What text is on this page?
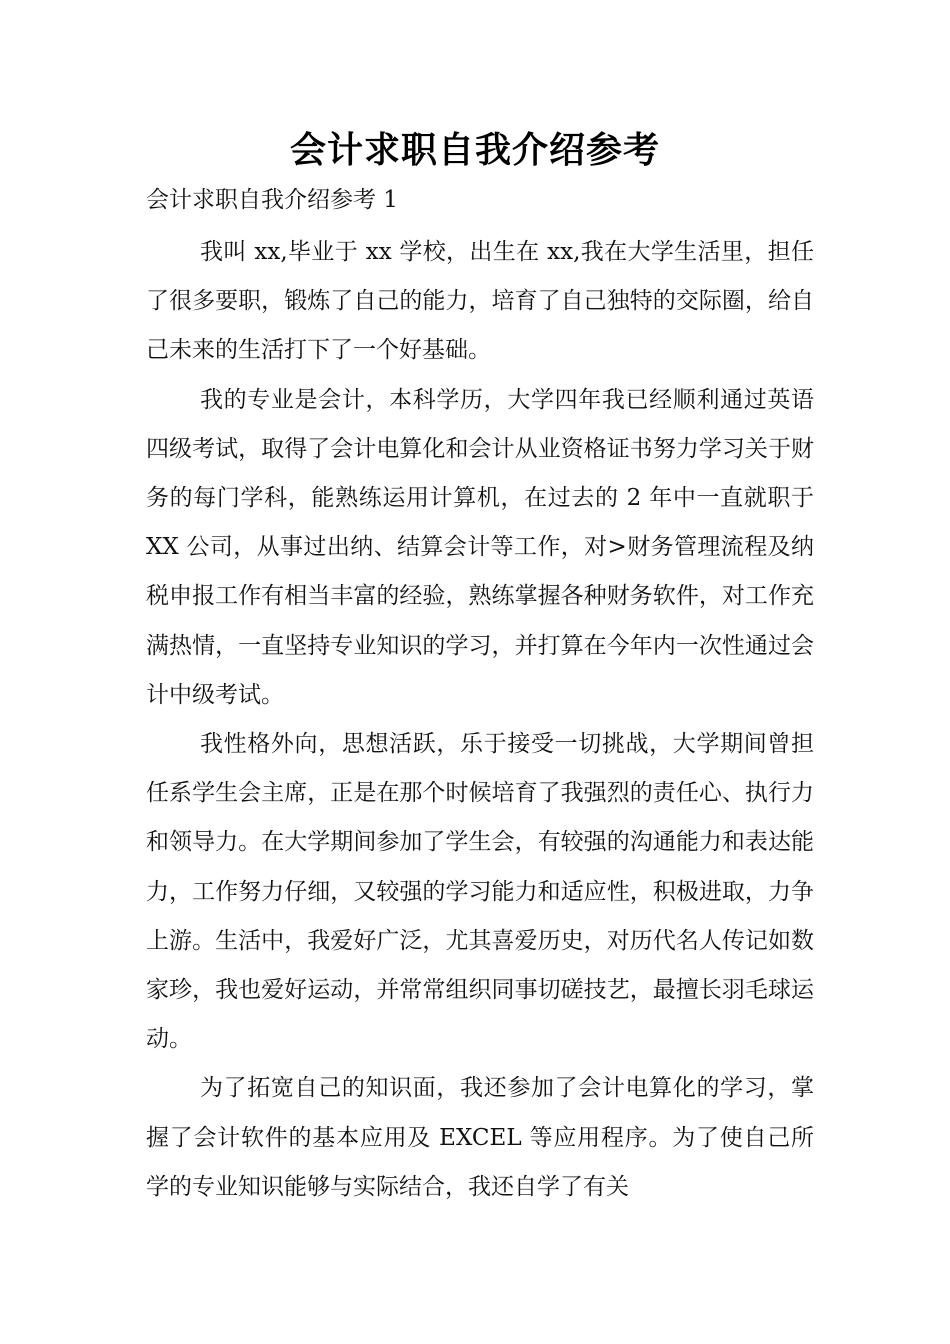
会计求职自我介绍参考
会计求职自我介绍参考 1

我叫 xx,毕业于 xx 学校，出生在 xx,我在大学生活里，担任了很多要职，锻炼了自己的能力，培育了自己独特的交际圈，给自己未来的生活打下了一个好基础。

我的专业是会计，本科学历，大学四年我已经顺利通过英语四级考试，取得了会计电算化和会计从业资格证书努力学习关于财务的每门学科，能熟练运用计算机，在过去的 2 年中一直就职于 XX 公司，从事过出纳、结算会计等工作，对>财务管理流程及纳税申报工作有相当丰富的经验，熟练掌握各种财务软件，对工作充满热情，一直坚持专业知识的学习，并打算在今年内一次性通过会计中级考试。

我性格外向，思想活跃，乐于接受一切挑战，大学期间曾担任系学生会主席，正是在那个时候培育了我强烈的责任心、执行力和领导力。在大学期间参加了学生会，有较强的沟通能力和表达能力，工作努力仔细，又较强的学习能力和适应性，积极进取，力争上游。生活中，我爱好广泛，尤其喜爱历史，对历代名人传记如数家珍，我也爱好运动，并常常组织同事切磋技艺，最擅长羽毛球运动。

为了拓宽自己的知识面，我还参加了会计电算化的学习，掌握了会计软件的基本应用及 EXCEL 等应用程序。为了使自己所学的专业知识能够与实际结合，我还自学了有关
